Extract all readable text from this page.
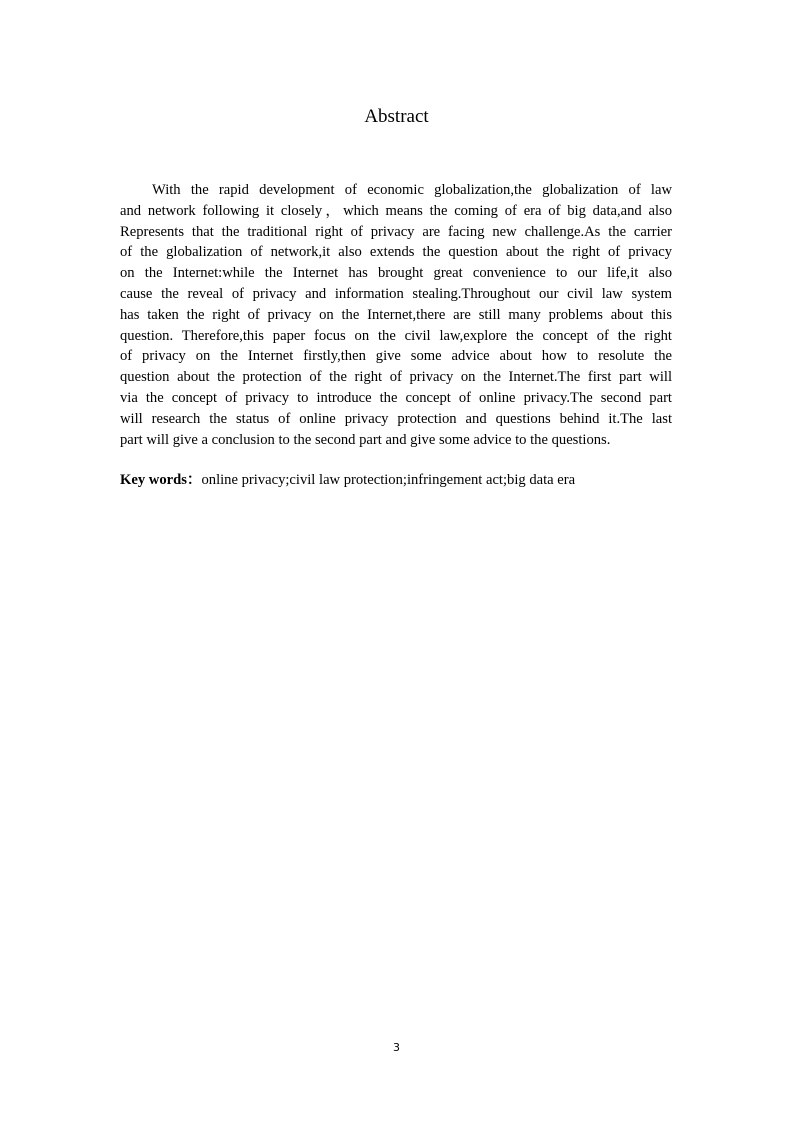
Abstract
With the rapid development of economic globalization,the globalization of law
and network following it closely，which means the coming of era of big data,and also
Represents that the traditional right of privacy are facing new challenge.As the carrier
of the globalization of network,it also extends the question about the right of privacy
on the Internet:while the Internet has brought great convenience to our life,it also
cause the reveal of privacy and information stealing.Throughout our civil law system
has taken the right of privacy on the Internet,there are still many problems about this
question. Therefore,this paper focus on the civil law,explore the concept of the right
of privacy on the Internet firstly,then give some advice about how to resolute the
question about the protection of the right of privacy on the Internet.The first part will
via the concept of privacy to introduce the concept of online privacy.The second part
will research the status of online privacy protection and questions behind it.The last
part will give a conclusion to the second part and give some advice to the questions.

Key words：online privacy;civil law protection;infringement act;big data era

3
